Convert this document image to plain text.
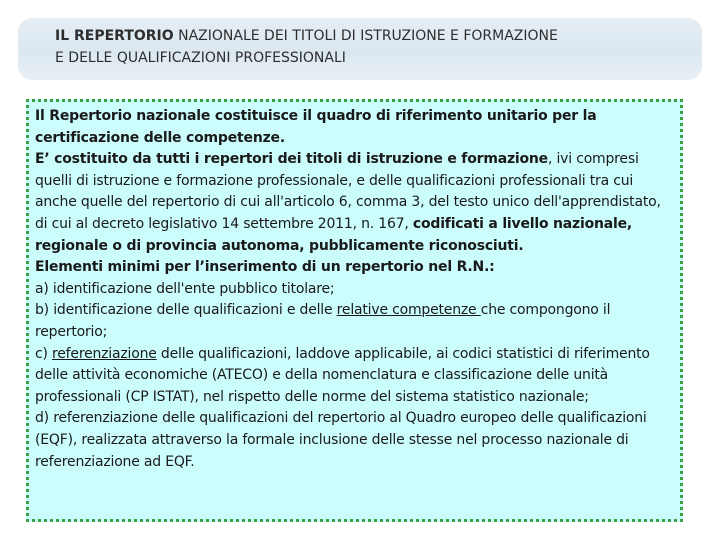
IL REPERTORIO NAZIONALE DEI TITOLI DI ISTRUZIONE E FORMAZIONE
E DELLE QUALIFICAZIONI PROFESSIONALI

Il Repertorio nazionale costituisce il quadro di riferimento unitario per la certificazione delle competenze.

E’ costituito da tutti i repertori dei titoli di istruzione e formazione, ivi compresi quelli di istruzione e formazione professionale, e delle qualificazioni professionali tra cui anche quelle del repertorio di cui all'articolo 6, comma 3, del testo unico dell'apprendistato, di cui al decreto legislativo 14 settembre 2011, n. 167, codificati a livello nazionale, regionale o di provincia autonoma, pubblicamente riconosciuti.

Elementi minimi per l’inserimento di un repertorio nel R.N.:

a) identificazione dell'ente pubblico titolare;

b) identificazione delle qualificazioni e delle relative competenze che compongono il repertorio;

c) referenziazione delle qualificazioni, laddove applicabile, ai codici statistici di riferimento delle attività economiche (ATECO) e della nomenclatura e classificazione delle unità professionali (CP ISTAT), nel rispetto delle norme del sistema statistico nazionale;

d) referenziazione delle qualificazioni del repertorio al Quadro europeo delle qualificazioni (EQF), realizzata attraverso la formale inclusione delle stesse nel processo nazionale di referenziazione ad EQF.
